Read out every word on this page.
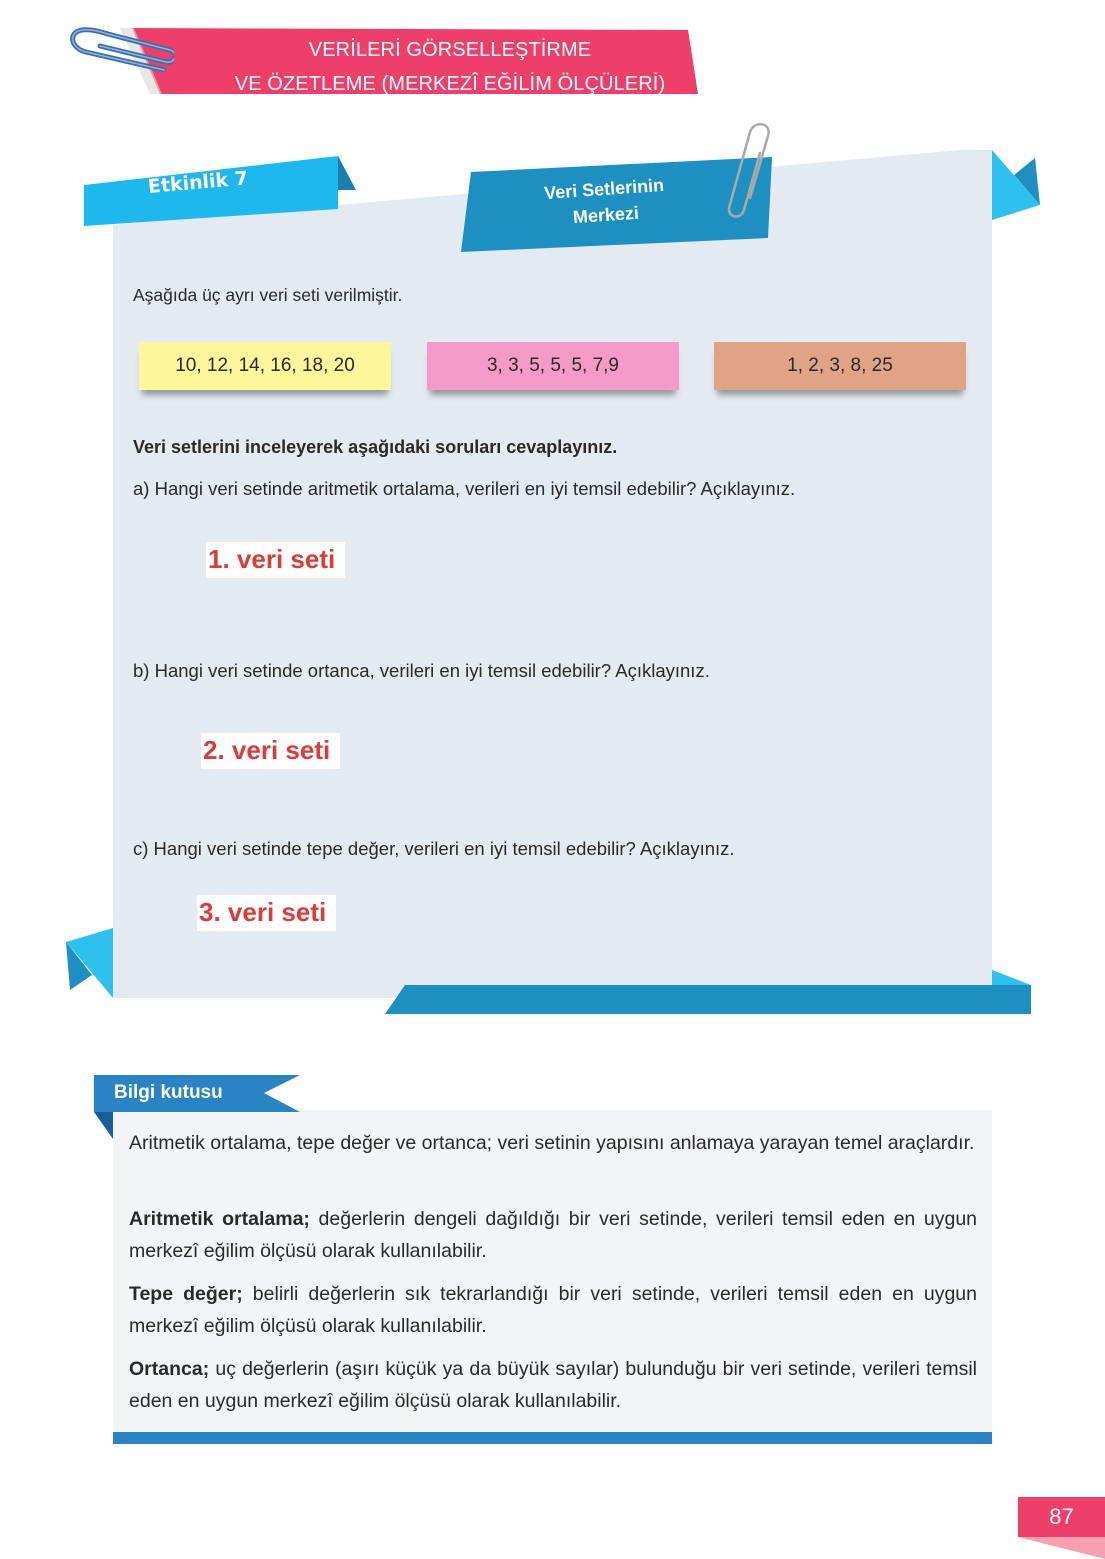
VERİLERİ GÖRSELLEŞTİRME
VE ÖZETLEME (MERKEZÎ EĞİLİM ÖLÇÜLERİ)
Etkinlik 7	Veri Setlerinin
Merkezi
Aşağıda üç ayrı veri seti verilmiştir.
10, 12, 14, 16, 18, 20	3, 3, 5, 5, 5, 7,9	1, 2, 3, 8, 25
Veri setlerini inceleyerek aşağıdaki soruları cevaplayınız.
a) Hangi veri setinde aritmetik ortalama, verileri en iyi temsil edebilir? Açıklayınız.
1. veri seti
b) Hangi veri setinde ortanca, verileri en iyi temsil edebilir? Açıklayınız.
2. veri seti
c) Hangi veri setinde tepe değer, verileri en iyi temsil edebilir? Açıklayınız.
3. veri seti
Bilgi kutusu
Aritmetik ortalama, tepe değer ve ortanca; veri setinin yapısını anlamaya yarayan temel araçlardır.
Aritmetik ortalama; değerlerin dengeli dağıldığı bir veri setinde, verileri temsil eden en uygun merkezî eğilim ölçüsü olarak kullanılabilir.
Tepe değer; belirli değerlerin sık tekrarlandığı bir veri setinde, verileri temsil eden en uygun merkezî eğilim ölçüsü olarak kullanılabilir.
Ortanca; uç değerlerin (aşırı küçük ya da büyük sayılar) bulunduğu bir veri setinde, verileri temsil eden en uygun merkezî eğilim ölçüsü olarak kullanılabilir.
87
